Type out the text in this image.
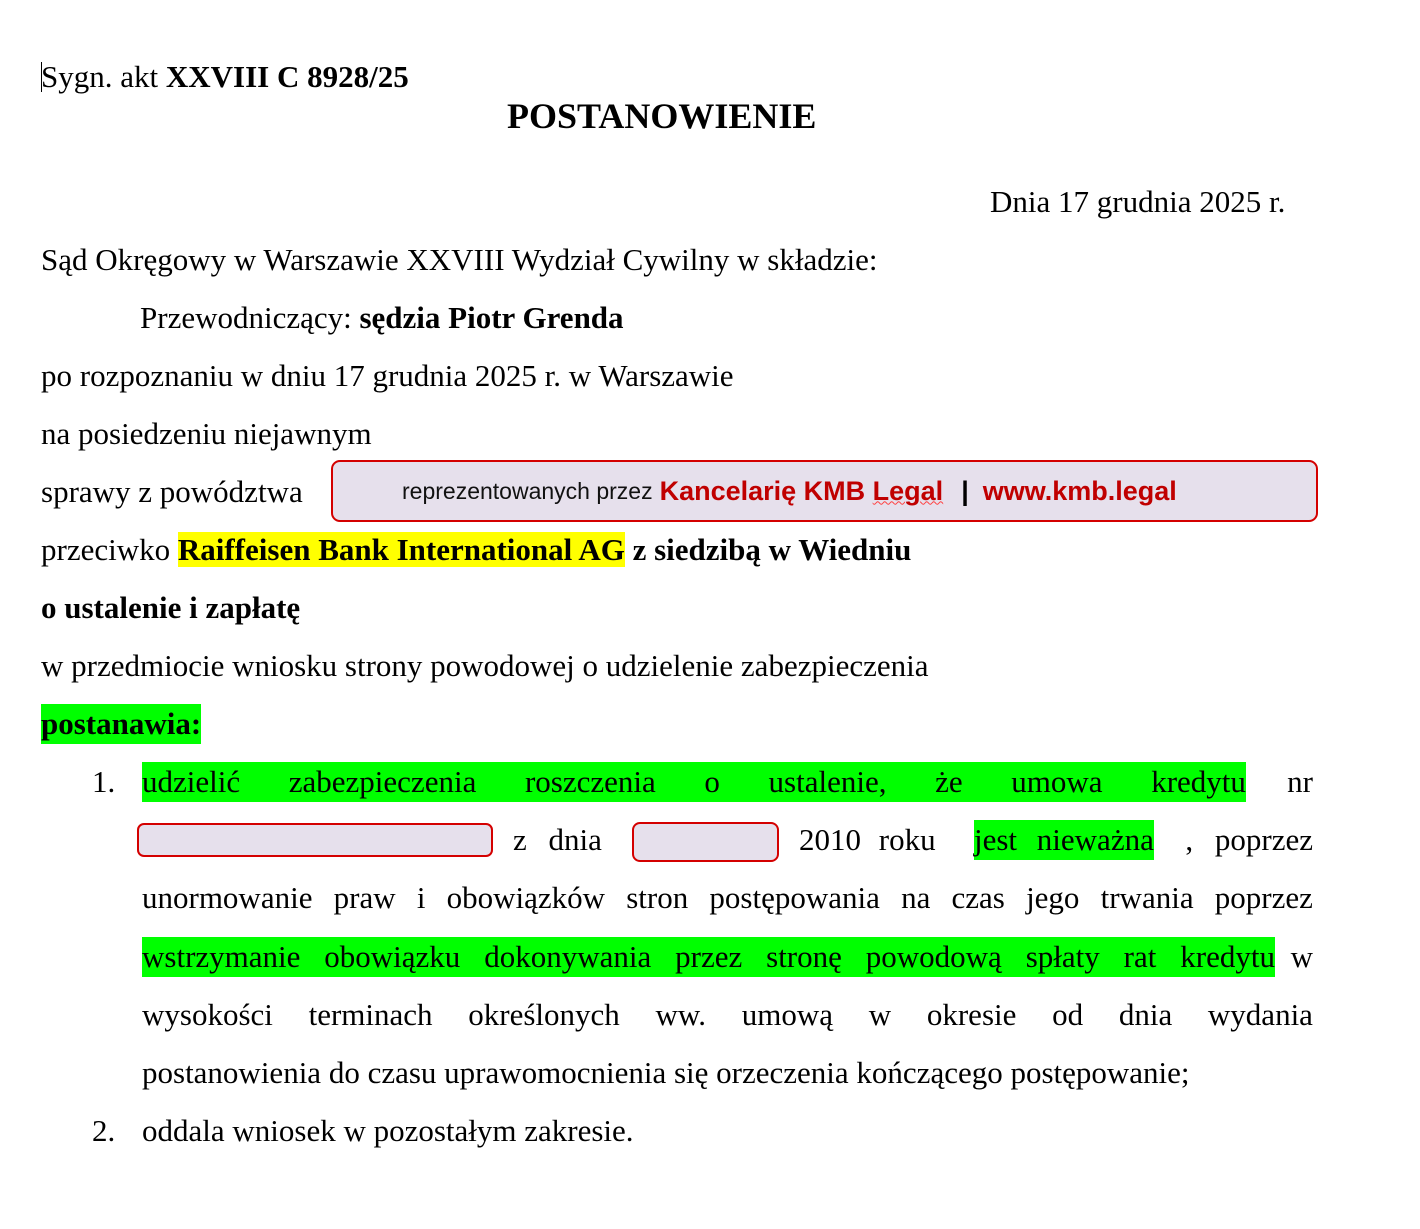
Sygn. akt XXVIII C 8928/25
POSTANOWIENIE
Dnia 17 grudnia 2025 r.
Sąd Okręgowy w Warszawie XXVIII Wydział Cywilny w składzie:
Przewodniczący: sędzia Piotr Grenda
po rozpoznaniu w dniu 17 grudnia 2025 r. w Warszawie
na posiedzeniu niejawnym
sprawy z powództwa	reprezentowanych przez Kancelarię KMB Legal | www.kmb.legal
przeciwko Raiffeisen Bank International AG z siedzibą w Wiedniu
o ustalenie i zapłatę
w przedmiocie wniosku strony powodowej o udzielenie zabezpieczenia
postanawia:
1. udzielić zabezpieczenia roszczenia o ustalenie, że umowa kredytu nr
z dnia	2010 roku jest nieważna , poprzez
unormowanie praw i obowiązków stron postępowania na czas jego trwania poprzez
wstrzymanie obowiązku dokonywania przez stronę powodową spłaty rat kredytu w
wysokości terminach określonych ww. umową w okresie od dnia wydania
postanowienia do czasu uprawomocnienia się orzeczenia kończącego postępowanie;
2. oddala wniosek w pozostałym zakresie.
